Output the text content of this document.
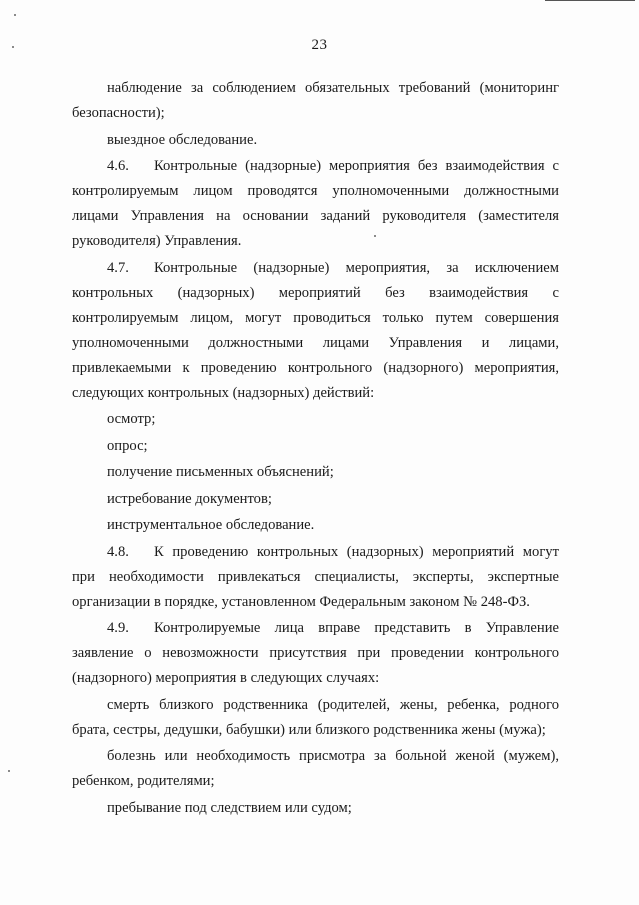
23

наблюдение за соблюдением обязательных требований (мониторинг безопасности);

выездное обследование.

4.6. Контрольные (надзорные) мероприятия без взаимодействия с контролируемым лицом проводятся уполномоченными должностными лицами Управления на основании заданий руководителя (заместителя руководителя) Управления.

4.7. Контрольные (надзорные) мероприятия, за исключением контрольных (надзорных) мероприятий без взаимодействия с контролируемым лицом, могут проводиться только путем совершения уполномоченными должностными лицами Управления и лицами, привлекаемыми к проведению контрольного (надзорного) мероприятия, следующих контрольных (надзорных) действий:

осмотр;

опрос;

получение письменных объяснений;

истребование документов;

инструментальное обследование.

4.8. К проведению контрольных (надзорных) мероприятий могут при необходимости привлекаться специалисты, эксперты, экспертные организации в порядке, установленном Федеральным законом № 248-ФЗ.

4.9. Контролируемые лица вправе представить в Управление заявление о невозможности присутствия при проведении контрольного (надзорного) мероприятия в следующих случаях:

смерть близкого родственника (родителей, жены, ребенка, родного брата, сестры, дедушки, бабушки) или близкого родственника жены (мужа);

болезнь или необходимость присмотра за больной женой (мужем), ребенком, родителями;

пребывание под следствием или судом;
